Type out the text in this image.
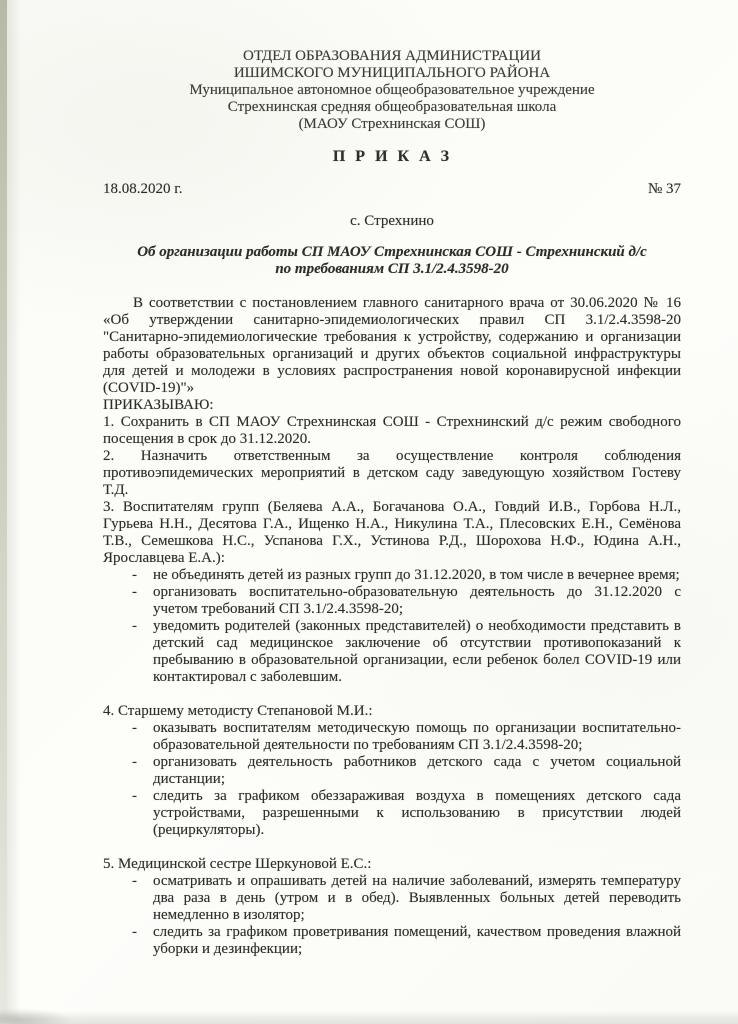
ОТДЕЛ ОБРАЗОВАНИЯ АДМИНИСТРАЦИИ
ИШИМСКОГО МУНИЦИПАЛЬНОГО РАЙОНА
Муниципальное автономное общеобразовательное учреждение
Стрехнинская средняя общеобразовательная школа
(МАОУ Стрехнинская СОШ)
П Р И К А З
18.08.2020 г.	№ 37
с. Стрехнино
Об организации работы СП МАОУ Стрехнинская СОШ - Стрехнинский д/с
по требованиям СП 3.1/2.4.3598-20

В соответствии с постановлением главного санитарного врача от 30.06.2020 № 16 «Об утверждении санитарно-эпидемиологических правил СП 3.1/2.4.3598-20 "Санитарно-эпидемиологические требования к устройству, содержанию и организации работы образовательных организаций и других объектов социальной инфраструктуры для детей и молодежи в условиях распространения новой коронавирусной инфекции (COVID-19)"»

ПРИКАЗЫВАЮ:

1. Сохранить в СП МАОУ Стрехнинская СОШ - Стрехнинский д/с режим свободного посещения в срок до 31.12.2020.

2. Назначить ответственным за осуществление контроля соблюдения противоэпидемических мероприятий в детском саду заведующую хозяйством Гостеву Т.Д.

3. Воспитателям групп (Беляева А.А., Богачанова О.А., Говдий И.В., Горбова Н.Л., Гурьева Н.Н., Десятова Г.А., Ищенко Н.А., Никулина Т.А., Плесовских Е.Н., Семёнова Т.В., Семешкова Н.С., Успанова Г.Х., Устинова Р.Д., Шорохова Н.Ф., Юдина А.Н., Ярославцева Е.А.):

-	не объединять детей из разных групп до 31.12.2020, в том числе в вечернее время;
-	организовать воспитательно-образовательную деятельность до 31.12.2020 с учетом требований СП 3.1/2.4.3598-20;
-	уведомить родителей (законных представителей) о необходимости представить в детский сад медицинское заключение об отсутствии противопоказаний к пребыванию в образовательной организации, если ребенок болел COVID-19 или контактировал с заболевшим.

4. Старшему методисту Степановой М.И.:

-	оказывать воспитателям методическую помощь по организации воспитательно-образовательной деятельности по требованиям СП 3.1/2.4.3598-20;
-	организовать деятельность работников детского сада с учетом социальной дистанции;
-	следить за графиком обеззараживая воздуха в помещениях детского сада устройствами, разрешенными к использованию в присутствии людей (рециркуляторы).

5. Медицинской сестре Шеркуновой Е.С.:

-	осматривать и опрашивать детей на наличие заболеваний, измерять температуру два раза в день (утром и в обед). Выявленных больных детей переводить немедленно в изолятор;
-	следить за графиком проветривания помещений, качеством проведения влажной уборки и дезинфекции;
